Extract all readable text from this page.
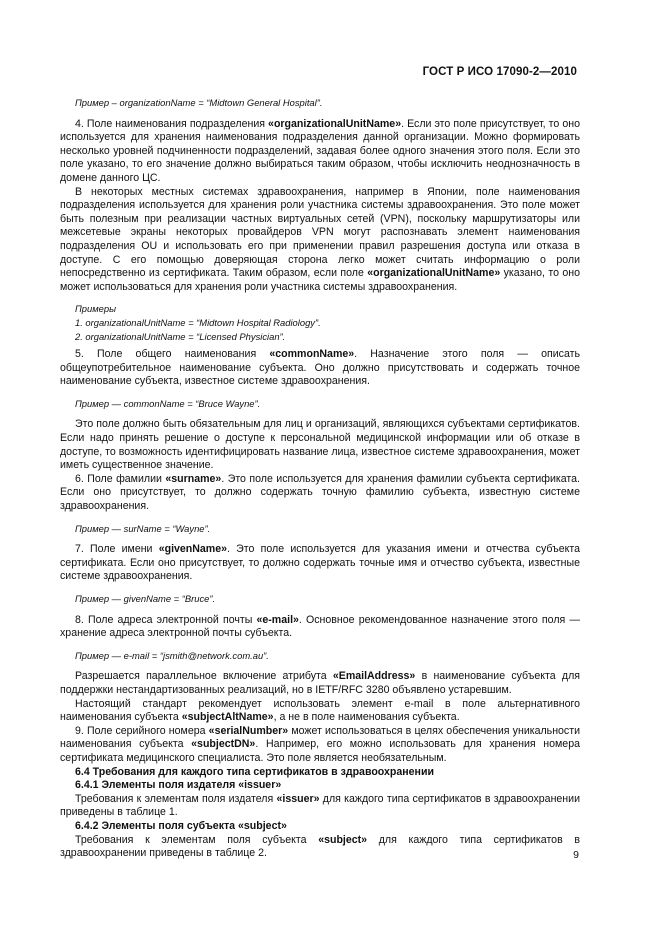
ГОСТ Р ИСО 17090-2—2010

Пример – organizationName = “Midtown General Hospital”.

4. Поле наименования подразделения «organizationalUnitName». Если это поле присутствует, то оно используется для хранения наименования подразделения данной организации. Можно формировать несколько уровней подчиненности подразделений, задавая более одного значения этого поля. Если это поле указано, то его значение должно выбираться таким образом, чтобы исключить неоднозначность в домене данного ЦС.

В некоторых местных системах здравоохранения, например в Японии, поле наименования подразделения используется для хранения роли участника системы здравоохранения. Это поле может быть полезным при реализации частных виртуальных сетей (VPN), поскольку маршрутизаторы или межсетевые экраны некоторых провайдеров VPN могут распознавать элемент наименования подразделения OU и использовать его при применении правил разрешения доступа или отказа в доступе. С его помощью доверяющая сторона легко может считать информацию о роли непосредственно из сертификата. Таким образом, если поле «organizationalUnitName» указано, то оно может использоваться для хранения роли участника системы здравоохранения.

Примеры

1. organizationalUnitName = “Midtown Hospital Radiology”.

2. organizationalUnitName = “Licensed Physician”.

5. Поле общего наименования «commonName». Назначение этого поля — описать общеупотребительное наименование субъекта. Оно должно присутствовать и содержать точное наименование субъекта, известное системе здравоохранения.

Пример — commonName = “Bruce Wayne”.

Это поле должно быть обязательным для лиц и организаций, являющихся субъектами сертификатов. Если надо принять решение о доступе к персональной медицинской информации или об отказе в доступе, то возможность идентифицировать название лица, известное системе здравоохранения, может иметь существенное значение.

6. Поле фамилии «surname». Это поле используется для хранения фамилии субъекта сертификата. Если оно присутствует, то должно содержать точную фамилию субъекта, известную системе здравоохранения.

Пример — surName = “Wayne”.

7. Поле имени «givenName». Это поле используется для указания имени и отчества субъекта сертификата. Если оно присутствует, то должно содержать точные имя и отчество субъекта, известные системе здравоохранения.

Пример — givenName = “Bruce”.

8. Поле адреса электронной почты «e-mail». Основное рекомендованное назначение этого поля — хранение адреса электронной почты субъекта.

Пример — e-mail = “jsmith@network.com.au”.

Разрешается параллельное включение атрибута «EmailAddress» в наименование субъекта для поддержки нестандартизованных реализаций, но в IETF/RFC 3280 объявлено устаревшим.

Настоящий стандарт рекомендует использовать элемент e-mail в поле альтернативного наименования субъекта «subjectAltName», а не в поле наименования субъекта.

9. Поле серийного номера «serialNumber» может использоваться в целях обеспечения уникальности наименования субъекта «subjectDN». Например, его можно использовать для хранения номера сертификата медицинского специалиста. Это поле является необязательным.

6.4 Требования для каждого типа сертификатов в здравоохранении

6.4.1 Элементы поля издателя «issuer»

Требования к элементам поля издателя «issuer» для каждого типа сертификатов в здравоохранении приведены в таблице 1.

6.4.2 Элементы поля субъекта «subject»

Требования к элементам поля субъекта «subject» для каждого типа сертификатов в здравоохранении приведены в таблице 2.	9
